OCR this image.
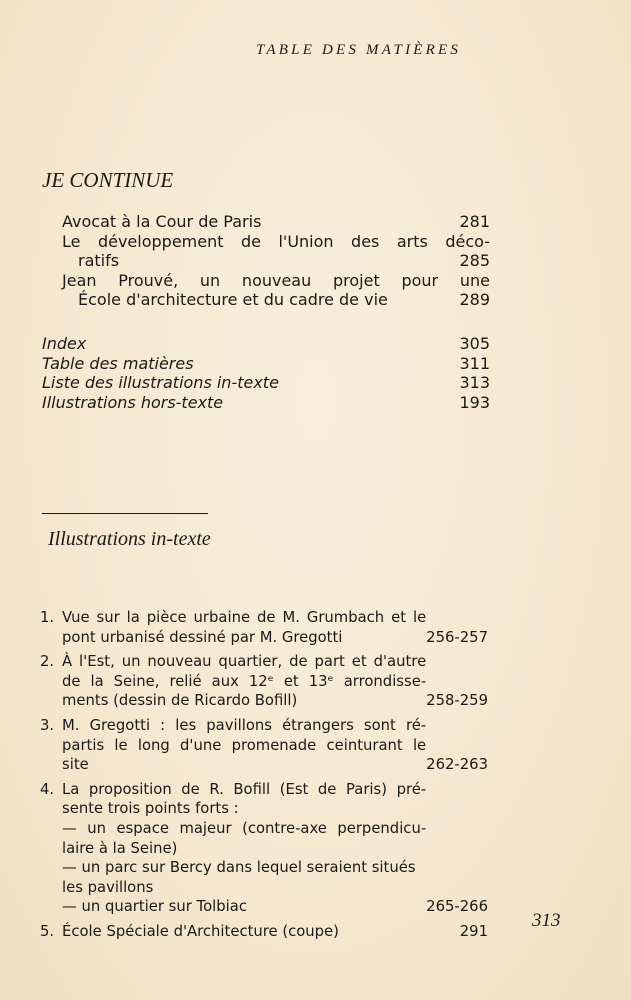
TABLE DES MATIÈRES
JE CONTINUE
Avocat à la Cour de Paris	281
Le développement de l'Union des arts déco-
ratifs	285
Jean Prouvé, un nouveau projet pour une
École d'architecture et du cadre de vie	289
Index	305
Table des matières	311
Liste des illustrations in-texte	313
Illustrations hors-texte	193
Illustrations in-texte
1. Vue sur la pièce urbaine de M. Grumbach et le
pont urbanisé dessiné par M. Gregotti	256-257
2. À l'Est, un nouveau quartier, de part et d'autre
de la Seine, relié aux 12ᵉ et 13ᵉ arrondisse-
ments (dessin de Ricardo Bofill)	258-259
3. M. Gregotti : les pavillons étrangers sont ré-
partis le long d'une promenade ceinturant le
site	262-263
4. La proposition de R. Bofill (Est de Paris) pré-
sente trois points forts :
— un espace majeur (contre-axe perpendicu-
laire à la Seine)
— un parc sur Bercy dans lequel seraient situés
les pavillons
— un quartier sur Tolbiac	265-266
5. École Spéciale d'Architecture (coupe)	291
313
